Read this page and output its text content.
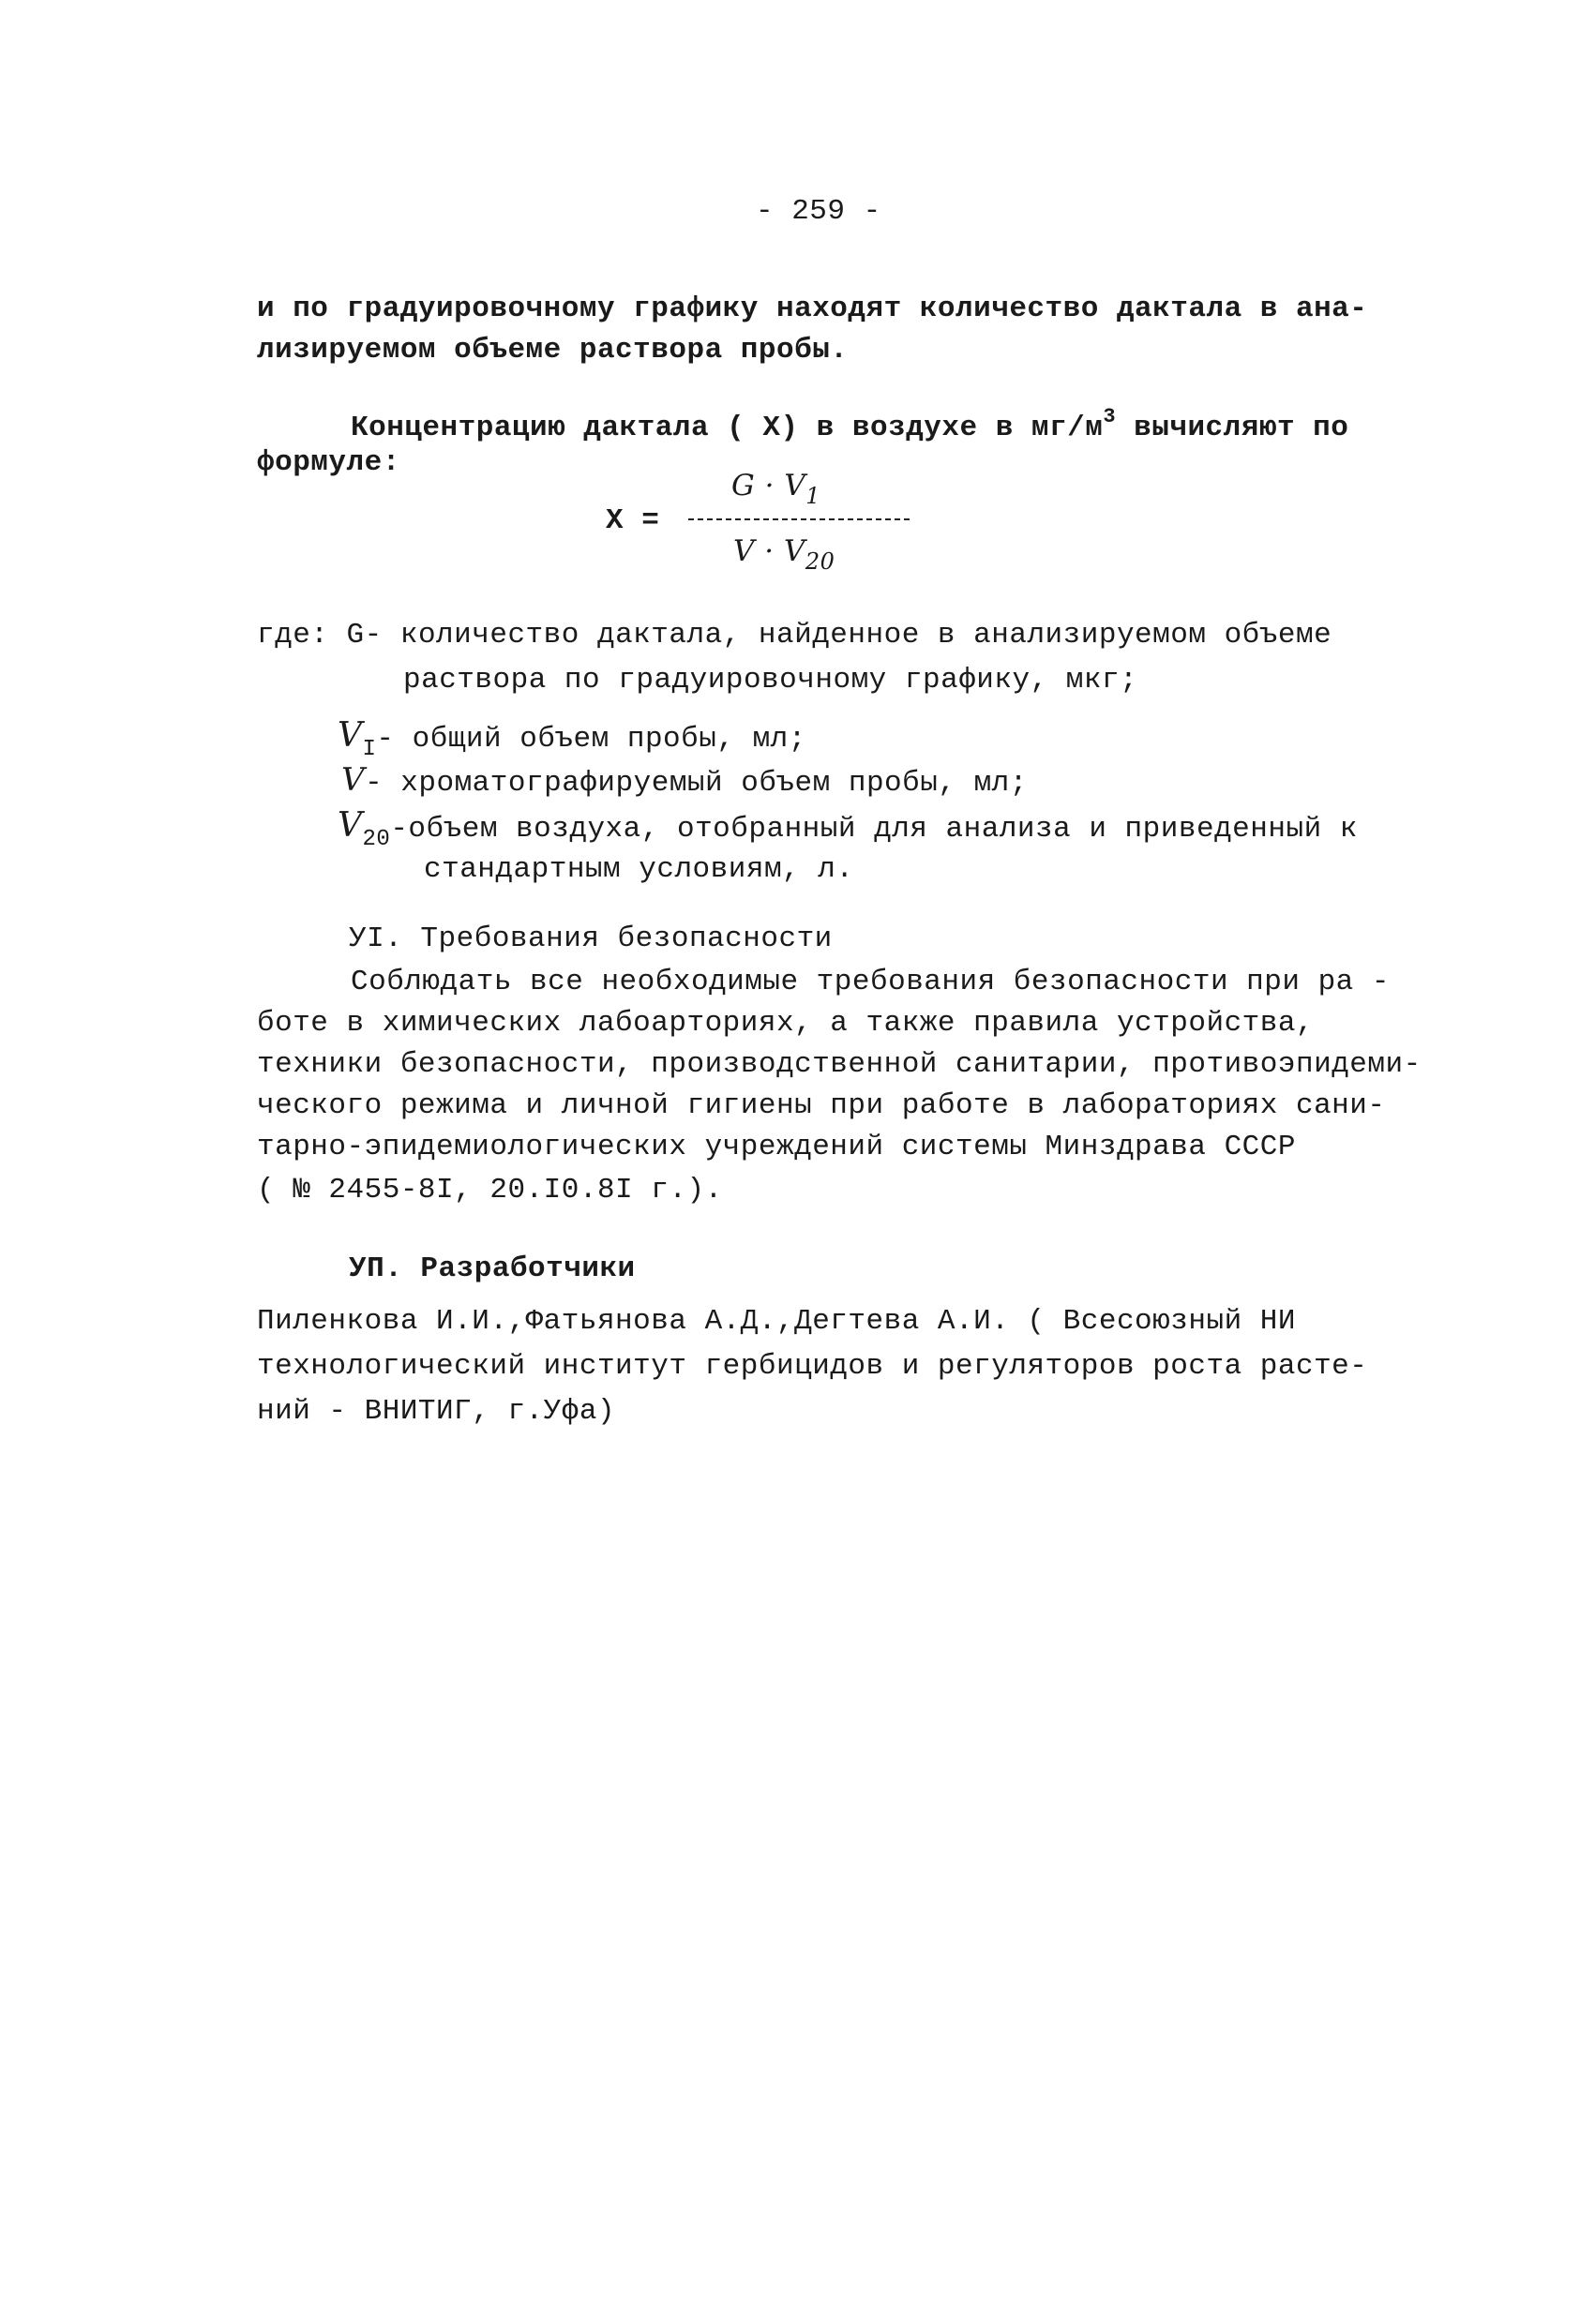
- 259 -
и по градуировочному графику находят количество дактала в ана-
лизируемом объеме раствора пробы.
Концентрацию дактала ( X) в воздухе в $мг/м^3$ вычисляют по
формуле:
X =
$G \cdot V_1$
$V \cdot V_{20}$
где: G- количество дактала, найденное в анализируемом объеме
раствора по градуировочному графику, мкг;
$V_I-$ общий объем пробы, мл;
V- хроматографируемый объем пробы, мл;
$V_{20}$-объем воздуха, отобранный для анализа и приведенный к
стандартным условиям, л.
УI. Требования безопасности
Соблюдать все необходимые требования безопасности при ра -
боте в химических лабоарториях, а также правила устройства,
техники безопасности, производственной санитарии, противоэпидеми-
ческого режима и личной гигиены при работе в лабораториях сани-
тарно-эпидемиологических учреждений системы Минздрава СССР
( № 2455-8I, 20.I0.8I г.).
УП. Разработчики
Пиленкова И.И.,Фатьянова А.Д.,Дегтева А.И. ( Всесоюзный НИ
технологический институт гербицидов и регуляторов роста расте-
ний - ВНИТИГ, г.Уфа)
